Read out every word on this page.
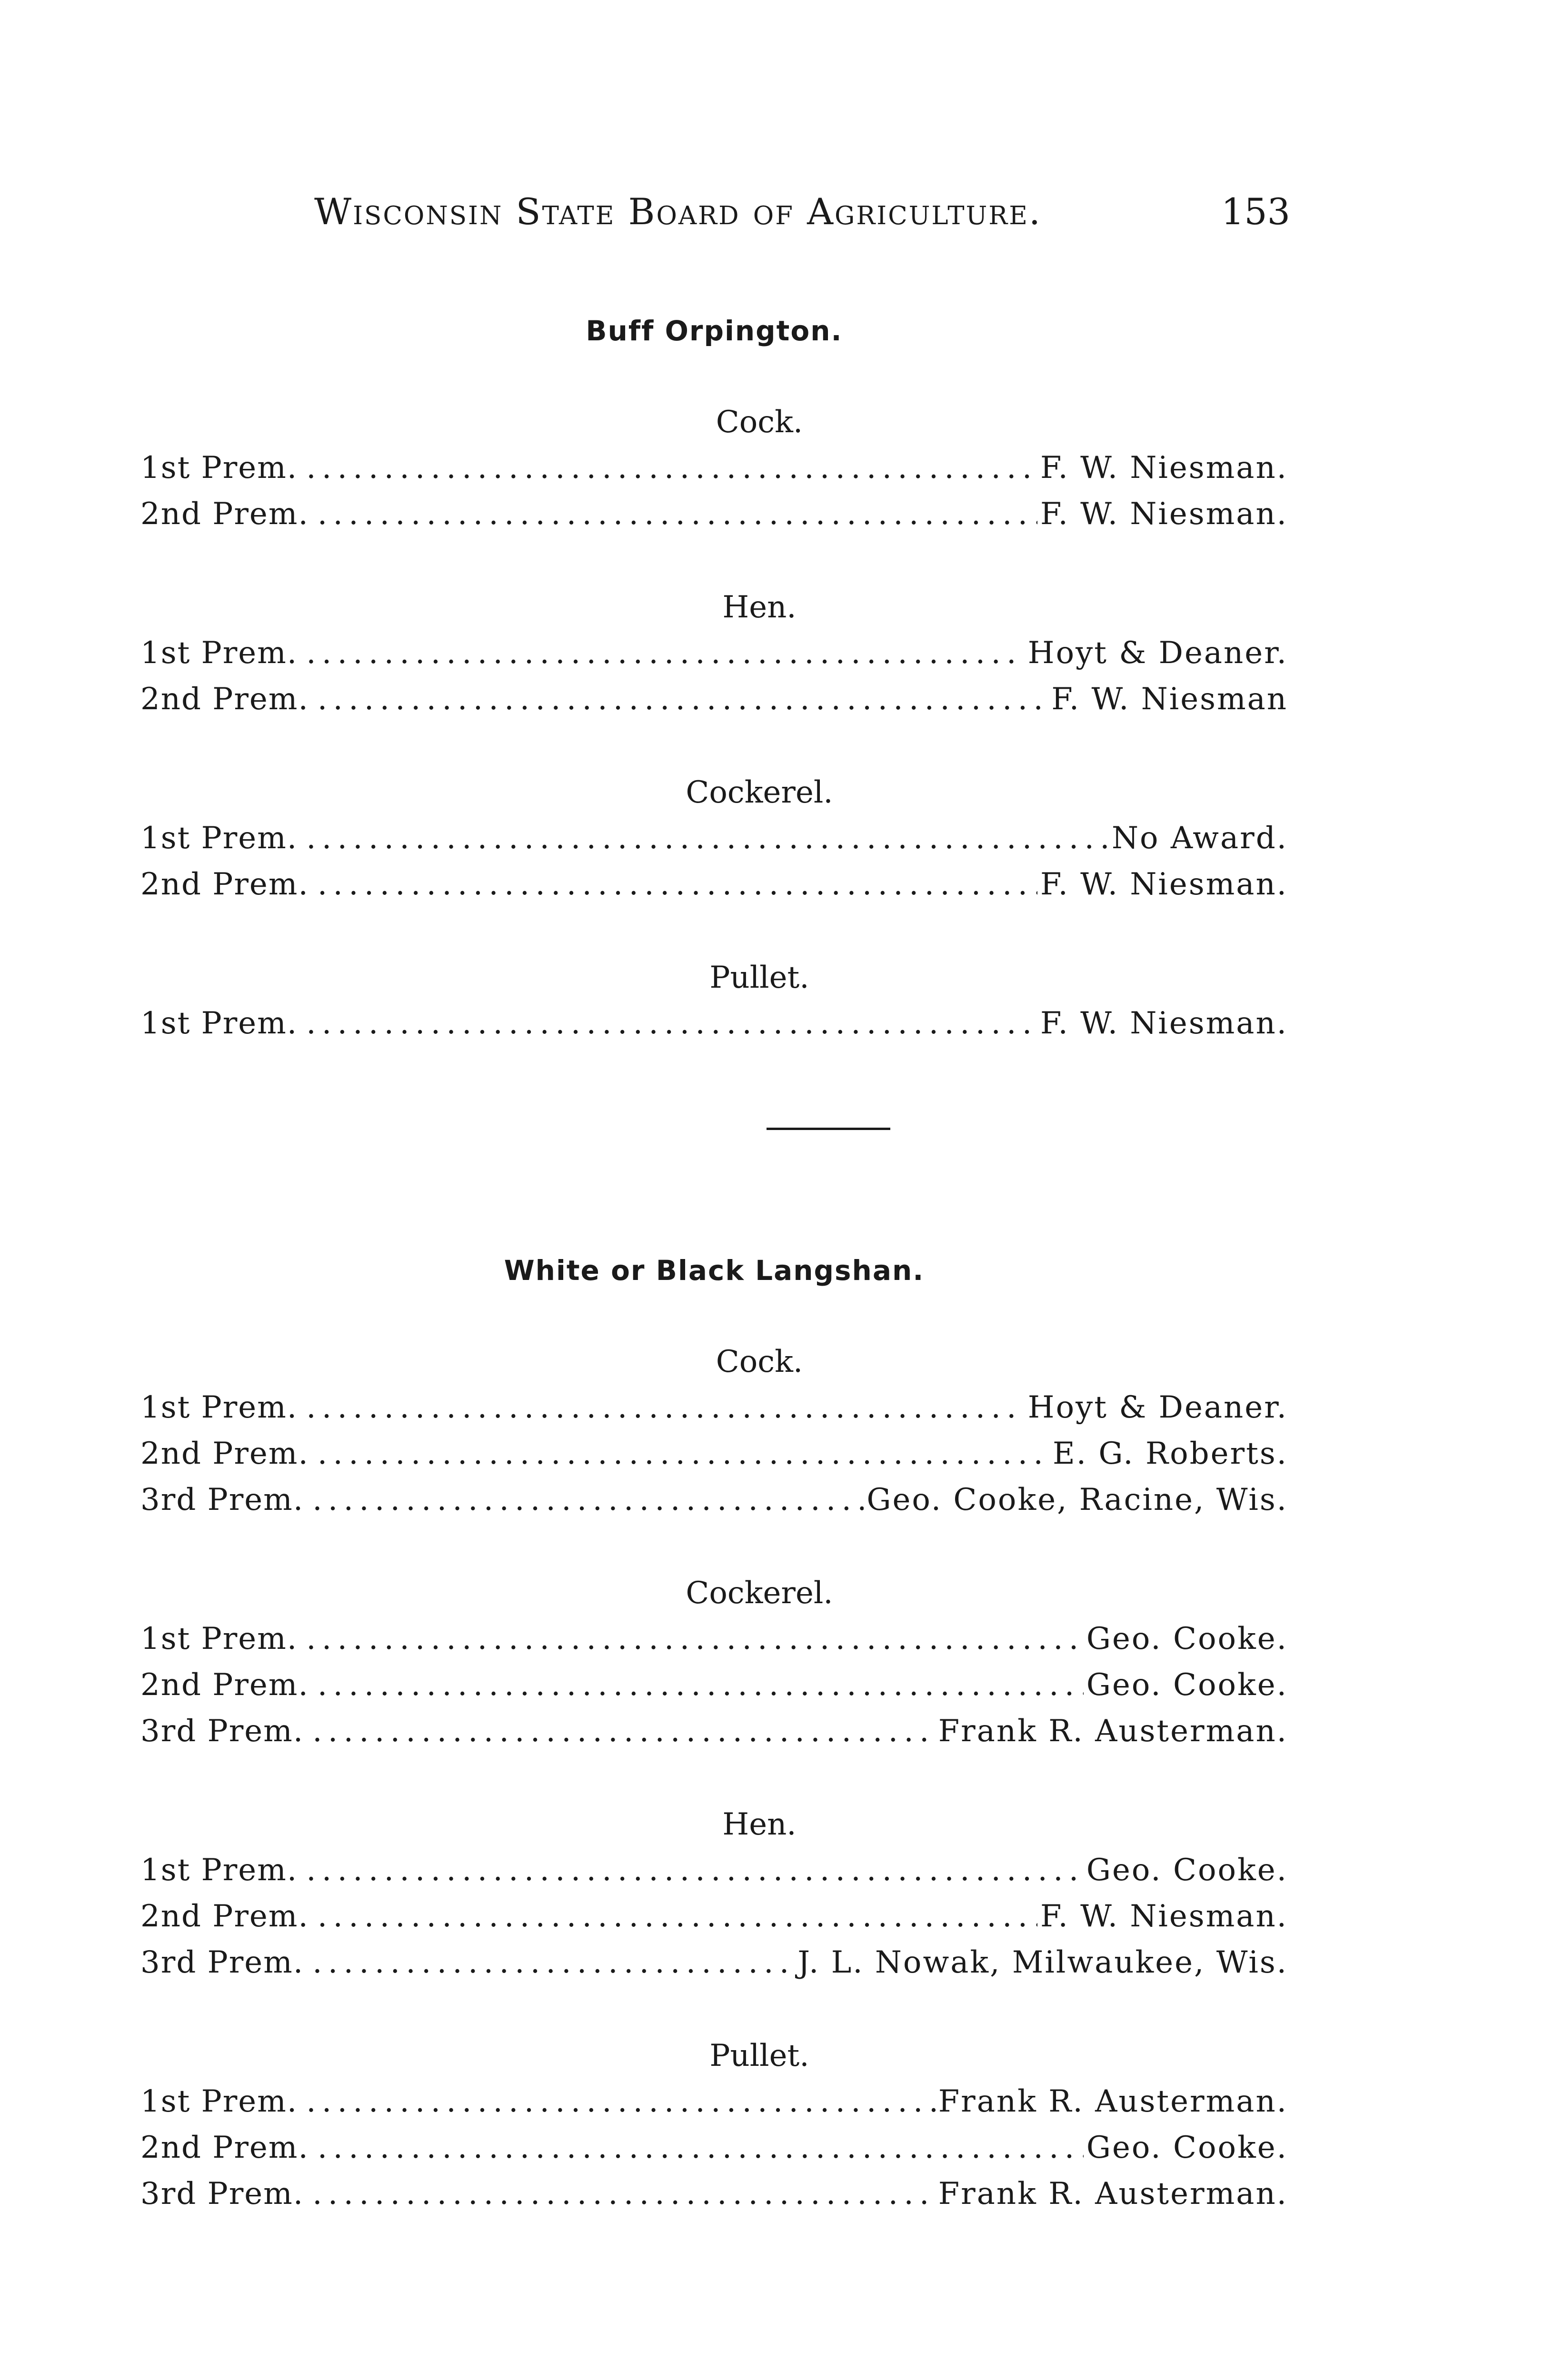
Wisconsin State Board of Agriculture.	153
Buff Orpington.
Cock.
1st Prem. . . .	F. W. Niesman.
2nd Prem. . . .	F. W. Niesman.
Hen.
1st Prem. . . .	Hoyt & Deaner.
2nd Prem. . . .	F. W. Niesman
Cockerel.
1st Prem. . . .	No Award.
2nd Prem. . . .	F. W. Niesman.
Pullet.
1st Prem. . . .	F. W. Niesman.
White or Black Langshan.
Cock.
1st Prem. . . .	Hoyt & Deaner.
2nd Prem. . . .	E. G. Roberts.
3rd Prem. . . .	Geo. Cooke, Racine, Wis.
Cockerel.
1st Prem. . . .	Geo. Cooke.
2nd Prem. . . .	Geo. Cooke.
3rd Prem. . . .	Frank R. Austerman.
Hen.
1st Prem. . . .	Geo. Cooke.
2nd Prem. . . .	F. W. Niesman.
3rd Prem. . . .	J. L. Nowak, Milwaukee, Wis.
Pullet.
1st Prem. . . .	Frank R. Austerman.
2nd Prem. . . .	Geo. Cooke.
3rd Prem. . . .	Frank R. Austerman.
